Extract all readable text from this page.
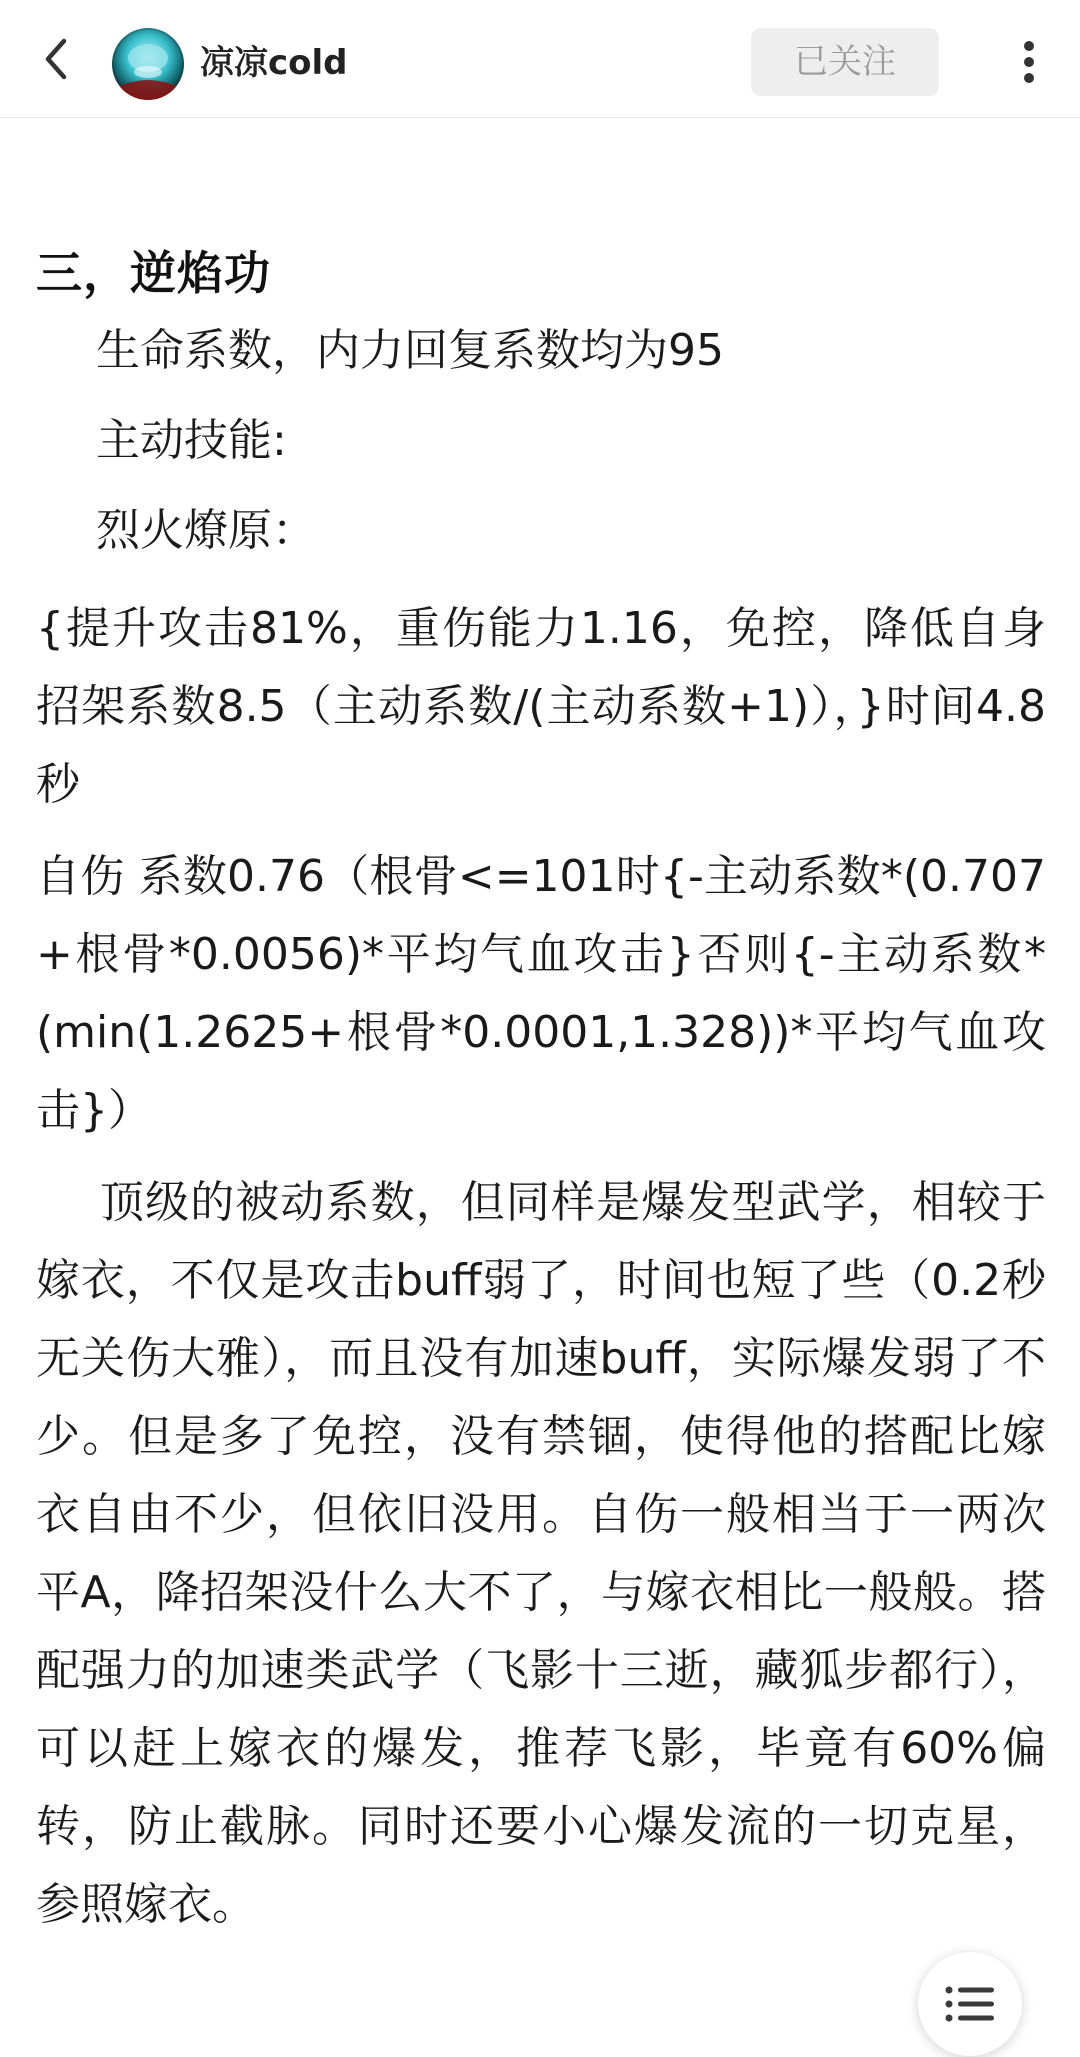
凉凉cold	已关注
三，逆焰功

生命系数，内力回复系数均为95

主动技能:

烈火燎原：

{提升攻击81%，重伤能力1.16，免控，降低自身招架系数8.5（主动系数/(主动系数+1)），}时间4.8秒

自伤 系数0.76（根骨<=101时{-主动系数*(0.707+根骨*0.0056)*平均气血攻击}否则{-主动系数*(min(1.2625+根骨*0.0001,1.328))*平均气血攻击}）

顶级的被动系数，但同样是爆发型武学，相较于嫁衣，不仅是攻击buff弱了，时间也短了些（0.2秒无关伤大雅），而且没有加速buff，实际爆发弱了不少。但是多了免控，没有禁锢，使得他的搭配比嫁衣自由不少，但依旧没用。自伤一般相当于一两次平A，降招架没什么大不了，与嫁衣相比一般般。搭配强力的加速类武学（飞影十三逝，藏狐步都行），可以赶上嫁衣的爆发，推荐飞影，毕竟有60%偏转，防止截脉。同时还要小心爆发流的一切克星，参照嫁衣。
